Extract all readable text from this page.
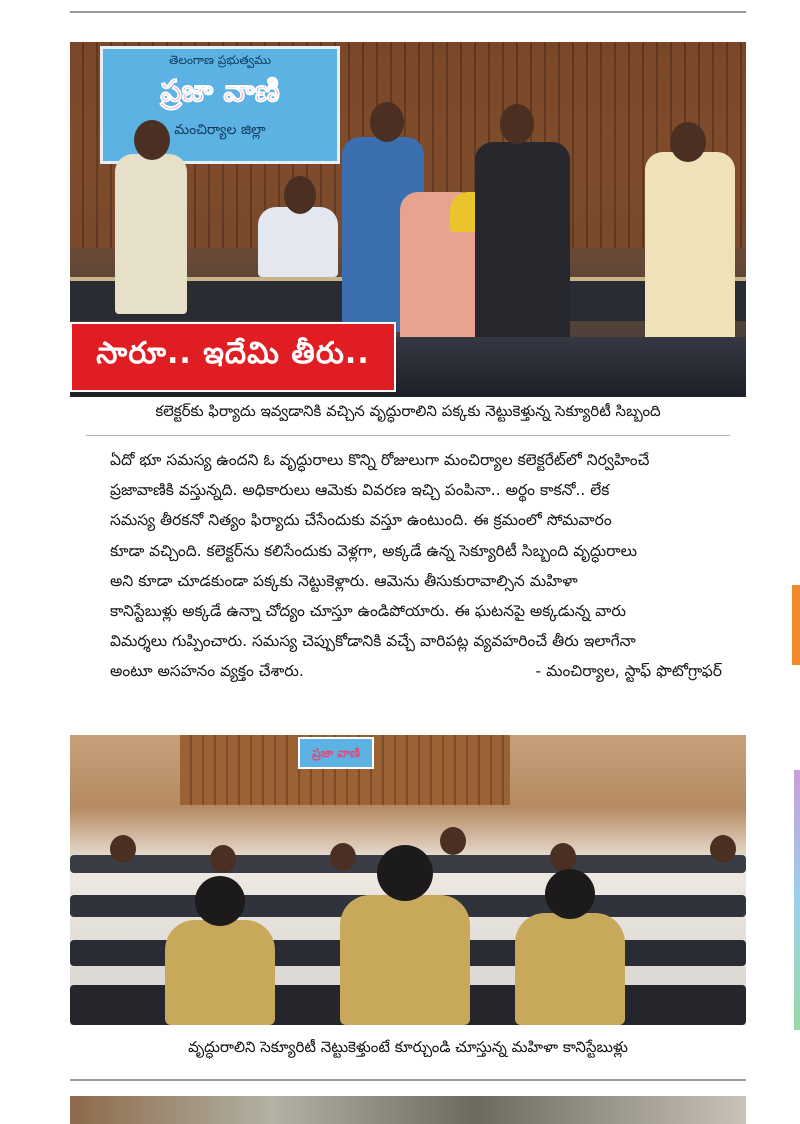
తెలంగాణ ప్రభుత్వము
ప్రజా వాణి
మంచిర్యాల జిల్లా
సారూ.. ఇదేమి తీరు..
కలెక్టర్‌కు ఫిర్యాదు ఇవ్వడానికి వచ్చిన వృద్ధురాలిని పక్కకు నెట్టుకెళ్తున్న సెక్యూరిటీ సిబ్బంది
ఏదో భూ సమస్య ఉందని ఓ వృద్ధురాలు కొన్ని రోజులుగా మంచిర్యాల కలెక్టరేట్‌లో నిర్వహించే
ప్రజావాణికి వస్తున్నది. అధికారులు ఆమెకు వివరణ ఇచ్చి పంపినా.. అర్థం కాకనో.. లేక
సమస్య తీరకనో నిత్యం ఫిర్యాదు చేసేందుకు వస్తూ ఉంటుంది. ఈ క్రమంలో సోమవారం
కూడా వచ్చింది. కలెక్టర్‌ను కలిసేందుకు వెళ్లగా, అక్కడే ఉన్న సెక్యూరిటీ సిబ్బంది వృద్ధురాలు
అని కూడా చూడకుండా పక్కకు నెట్టుకెళ్లారు. ఆమెను తీసుకురావాల్సిన మహిళా
కానిస్టేబుళ్లు అక్కడే ఉన్నా చోద్యం చూస్తూ ఉండిపోయారు. ఈ ఘటనపై అక్కడున్న వారు
విమర్శలు గుప్పించారు. సమస్య చెప్పుకోడానికి వచ్చే వారిపట్ల వ్యవహరించే తీరు ఇలాగేనా
అంటూ అసహనం వ్యక్తం చేశారు.	- మంచిర్యాల, స్టాఫ్ ఫొటోగ్రాఫర్
ప్రజా వాణి
వృద్ధురాలిని సెక్యూరిటీ నెట్టుకెళ్తుంటే కూర్చుండి చూస్తున్న మహిళా కానిస్టేబుళ్లు
